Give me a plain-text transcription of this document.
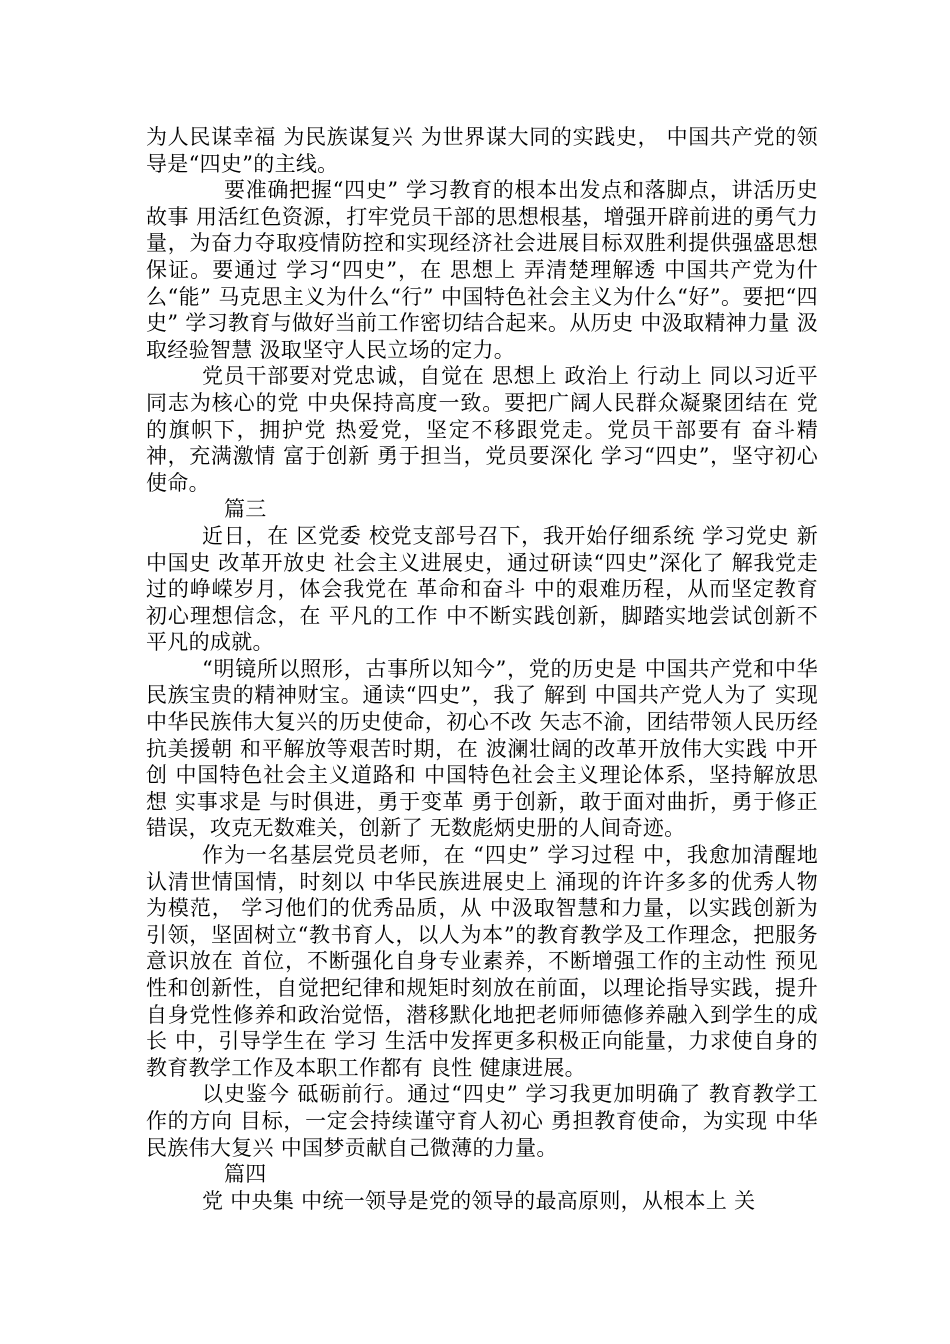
为人民谋幸福 为民族谋复兴 为世界谋大同的实践史， 中国共产党的领导是“四史”的主线。

要准确把握“四史” 学习教育的根本出发点和落脚点，讲活历史故事 用活红色资源，打牢党员干部的思想根基，增强开辟前进的勇气力量，为奋力夺取疫情防控和实现经济社会进展目标双胜利提供强盛思想保证。要通过 学习“四史”，在 思想上 弄清楚理解透 中国共产党为什么“能” 马克思主义为什么“行” 中国特色社会主义为什么“好”。要把“四史” 学习教育与做好当前工作密切结合起来。从历史 中汲取精神力量 汲取经验智慧 汲取坚守人民立场的定力。

党员干部要对党忠诚，自觉在 思想上 政治上 行动上 同以习近平同志为核心的党 中央保持高度一致。要把广阔人民群众凝聚团结在 党的旗帜下，拥护党 热爱党，坚定不移跟党走。党员干部要有 奋斗精神，充满激情 富于创新 勇于担当，党员要深化 学习“四史”，坚守初心使命。

篇三

近日，在 区党委 校党支部号召下，我开始仔细系统 学习党史 新 中国史 改革开放史 社会主义进展史，通过研读“四史”深化了 解我党走过的峥嵘岁月，体会我党在 革命和奋斗 中的艰难历程，从而坚定教育初心理想信念，在 平凡的工作 中不断实践创新，脚踏实地尝试创新不平凡的成就。

“明镜所以照形，古事所以知今”，党的历史是 中国共产党和中华民族宝贵的精神财宝。通读“四史”，我了 解到 中国共产党人为了 实现 中华民族伟大复兴的历史使命，初心不改 矢志不渝，团结带领人民历经抗美援朝 和平解放等艰苦时期，在 波澜壮阔的改革开放伟大实践 中开创 中国特色社会主义道路和 中国特色社会主义理论体系，坚持解放思想 实事求是 与时俱进，勇于变革 勇于创新，敢于面对曲折，勇于修正错误，攻克无数难关，创新了 无数彪炳史册的人间奇迹。

作为一名基层党员老师，在 “四史” 学习过程 中，我愈加清醒地认清世情国情，时刻以 中华民族进展史上 涌现的许许多多的优秀人物为模范， 学习他们的优秀品质，从 中汲取智慧和力量，以实践创新为引领，坚固树立“教书育人，以人为本”的教育教学及工作理念，把服务意识放在 首位，不断强化自身专业素养，不断增强工作的主动性 预见性和创新性，自觉把纪律和规矩时刻放在前面，以理论指导实践，提升自身党性修养和政治觉悟，潜移默化地把老师师德修养融入到学生的成长 中，引导学生在 学习 生活中发挥更多积极正向能量，力求使自身的教育教学工作及本职工作都有 良性 健康进展。

以史鉴今 砥砺前行。通过“四史” 学习我更加明确了 教育教学工作的方向 目标，一定会持续谨守育人初心 勇担教育使命，为实现 中华民族伟大复兴 中国梦贡献自己微薄的力量。

篇四

党 中央集 中统一领导是党的领导的最高原则，从根本上 关
